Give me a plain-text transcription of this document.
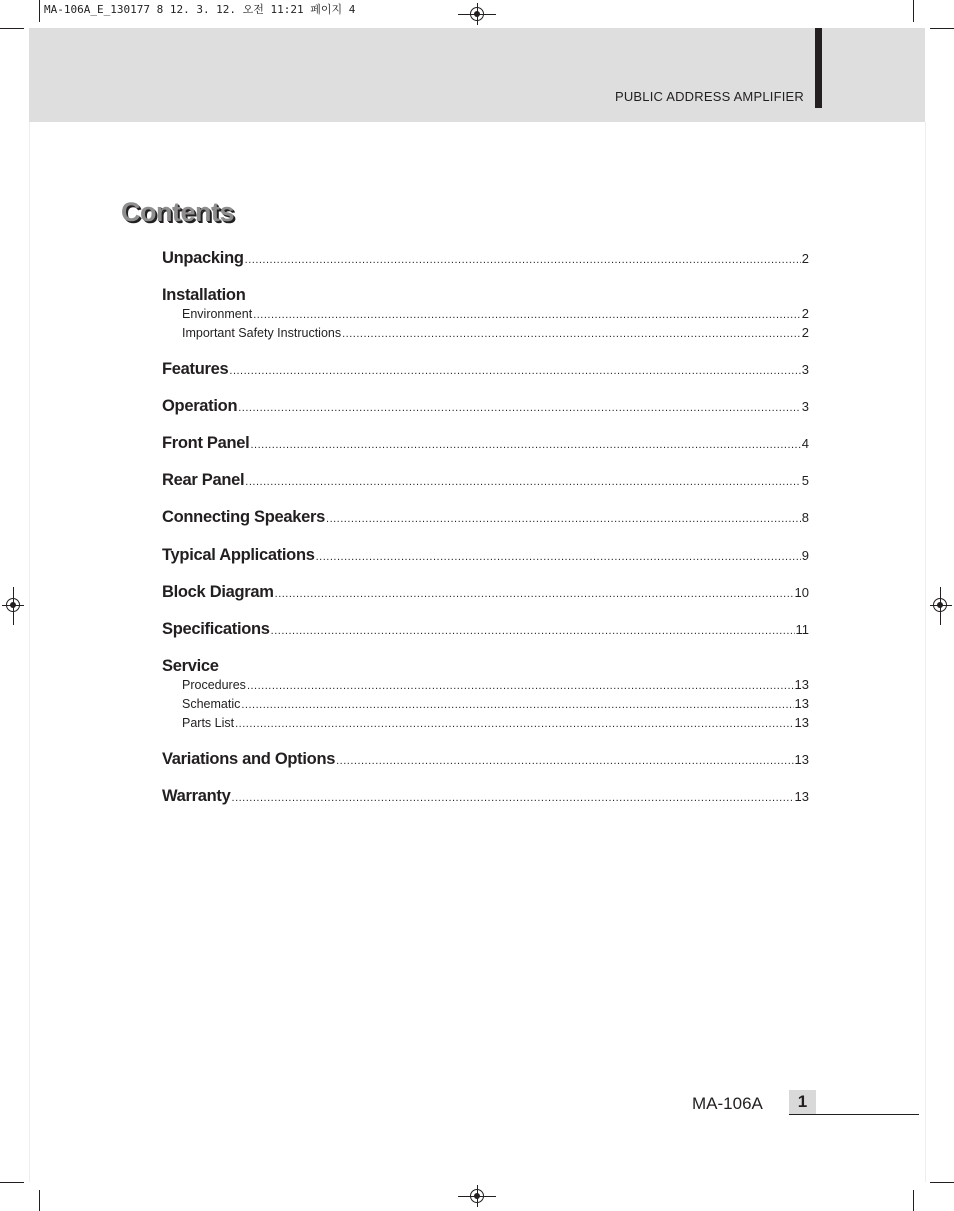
MA-106A_E_130177 8 12. 3. 12. 오전 11:21 페이지 4
PUBLIC ADDRESS AMPLIFIER
Contents
Unpacking .....	2
Installation
Environment .....	2
Important Safety Instructions .....	2
Features .....	3
Operation .....	3
Front Panel .....	4
Rear Panel .....	5
Connecting Speakers .....	8
Typical Applications .....	9
Block Diagram .....	10
Specifications .....	11
Service
Procedures .....	13
Schematic .....	13
Parts List .....	13
Variations and Options .....	13
Warranty .....	13
MA-106A	1
